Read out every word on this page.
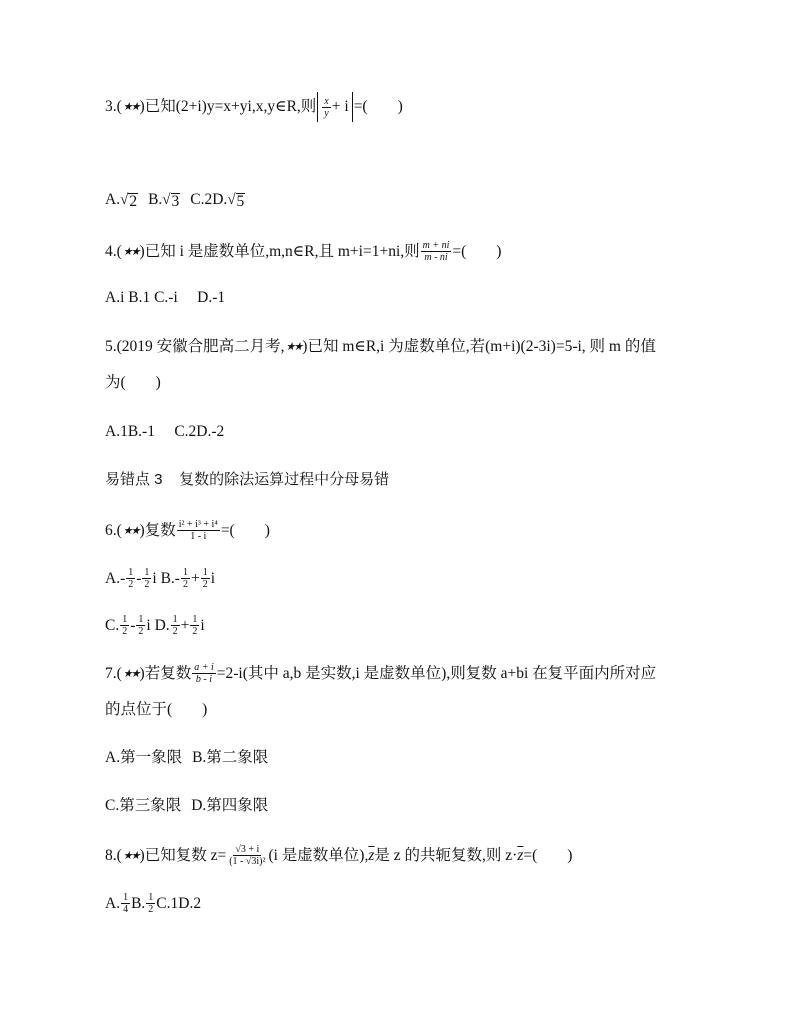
3.( ★★ )已知(2+i)y=x+yi,x,y ∈R,则 $\frac{x}{y} + i$ =( )
A. √ 2 B. √ 3 C.2 D. √ 5
4.( ★★ )已知 i 是虚数单位,m,n∈R,且 m+i=1+ni,则 $\frac{m + ni}{m - ni}$ =( )
A.i B.1 C.-i     D.-1
5.(2019 安徽合肥高二月考, ★★ )已知 m∈R,i 为虚数单位,若(m+i)(2-3i)=5-i, 则 m 的值
为( )
A.1B.-1     C.2D.-2
易错点 3    复数的除法运算过程中分母易错
6.( ★★ )复数 $\frac{\text{i² + i³ + i⁴}}{1 - i}$ =( )
$A.- \frac{1}{2} - \frac{1}{2}$ i $B.- \frac{1}{2} + \frac{1}{2}$ i
C. $\frac{1}{2} - \frac{1}{2}$ i D. $\frac{1}{2} + \frac{1}{2}$ i
7.( ★★ )若复数 $\frac{a + i}{b - i} =2-i$(其中 a,b 是实数,i 是虚数单位),则复数 a+bi 在复平面内所对应
的点位于( )
A.第一象限 B.第二象限
C.第三象限 D.第四象限
8.( ★★ )已知复数 $z= \frac{√3 + i}{\text{(1 - √3i)²}} (i$ 是虚数单位), $\overline{z}$ 是 z 的共轭复数,则 $z\cdot \overline{z}$ =( )
A. $\frac{1}{4} B$. $\frac{1}{2} C.1D.2$
